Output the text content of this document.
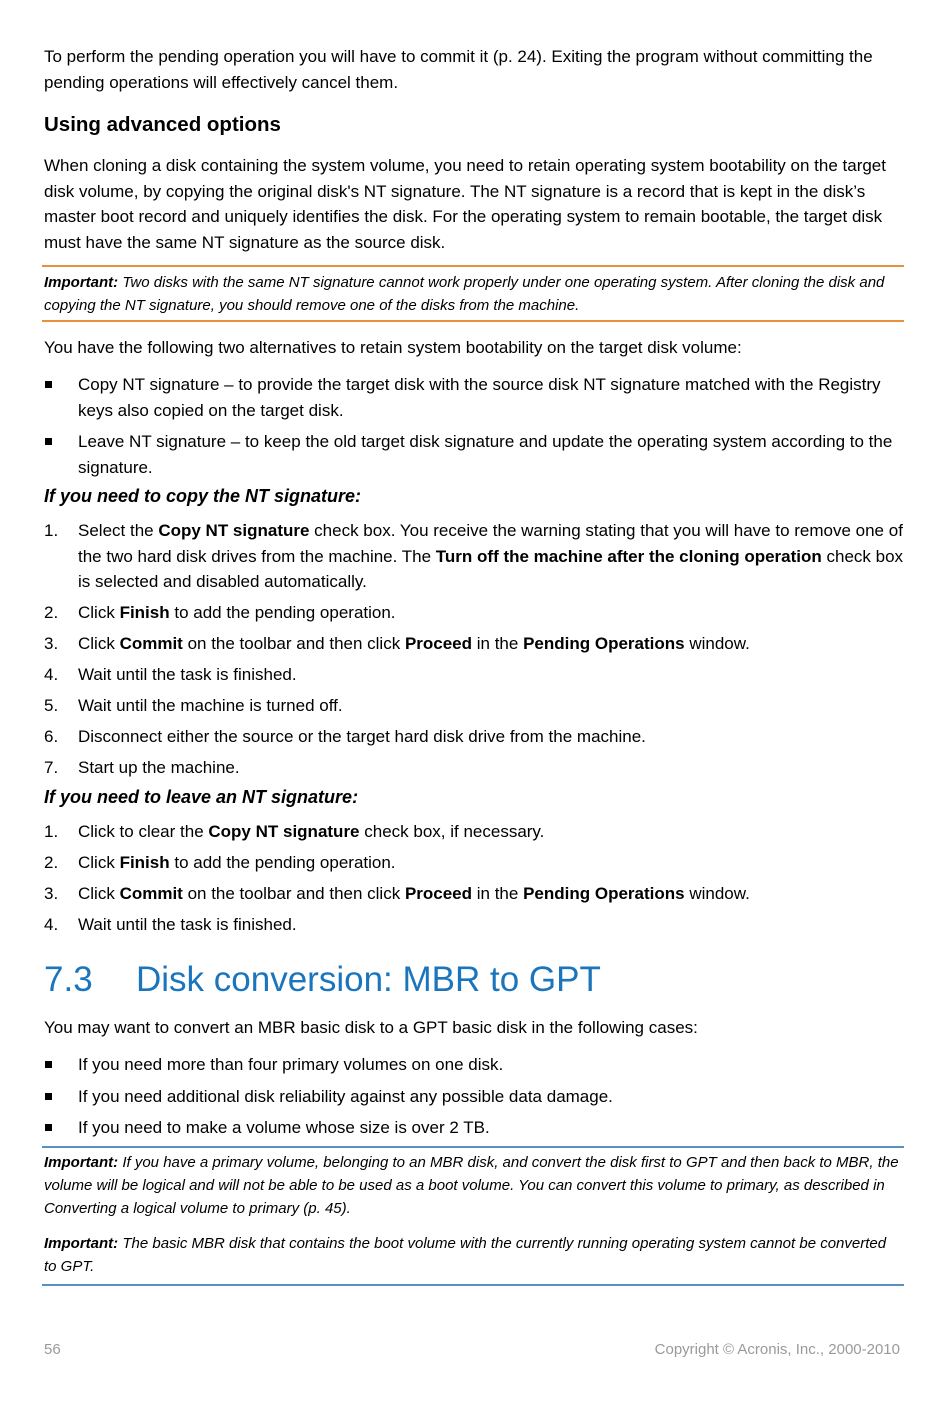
To perform the pending operation you will have to commit it (p. 24). Exiting the program without committing the pending operations will effectively cancel them.

Using advanced options

When cloning a disk containing the system volume, you need to retain operating system bootability on the target disk volume, by copying the original disk's NT signature. The NT signature is a record that is kept in the disk’s master boot record and uniquely identifies the disk. For the operating system to remain bootable, the target disk must have the same NT signature as the source disk.

Important: Two disks with the same NT signature cannot work properly under one operating system. After cloning the disk and copying the NT signature, you should remove one of the disks from the machine.

You have the following two alternatives to retain system bootability on the target disk volume:

Copy NT signature – to provide the target disk with the source disk NT signature matched with the Registry keys also copied on the target disk.
Leave NT signature – to keep the old target disk signature and update the operating system according to the signature.
If you need to copy the NT signature:
1. Select the Copy NT signature check box. You receive the warning stating that you will have to remove one of the two hard disk drives from the machine. The Turn off the machine after the cloning operation check box is selected and disabled automatically.
2. Click Finish to add the pending operation.
3. Click Commit on the toolbar and then click Proceed in the Pending Operations window.
4. Wait until the task is finished.
5. Wait until the machine is turned off.
6. Disconnect either the source or the target hard disk drive from the machine.
7. Start up the machine.
If you need to leave an NT signature:
1. Click to clear the Copy NT signature check box, if necessary.
2. Click Finish to add the pending operation.
3. Click Commit on the toolbar and then click Proceed in the Pending Operations window.
4. Wait until the task is finished.
7.3 Disk conversion: MBR to GPT

You may want to convert an MBR basic disk to a GPT basic disk in the following cases:

If you need more than four primary volumes on one disk.
If you need additional disk reliability against any possible data damage.
If you need to make a volume whose size is over 2 TB.
Important: If you have a primary volume, belonging to an MBR disk, and convert the disk first to GPT and then back to MBR, the volume will be logical and will not be able to be used as a boot volume. You can convert this volume to primary, as described in Converting a logical volume to primary (p. 45).
Important: The basic MBR disk that contains the boot volume with the currently running operating system cannot be converted to GPT.
56	Copyright © Acronis, Inc., 2000-2010
